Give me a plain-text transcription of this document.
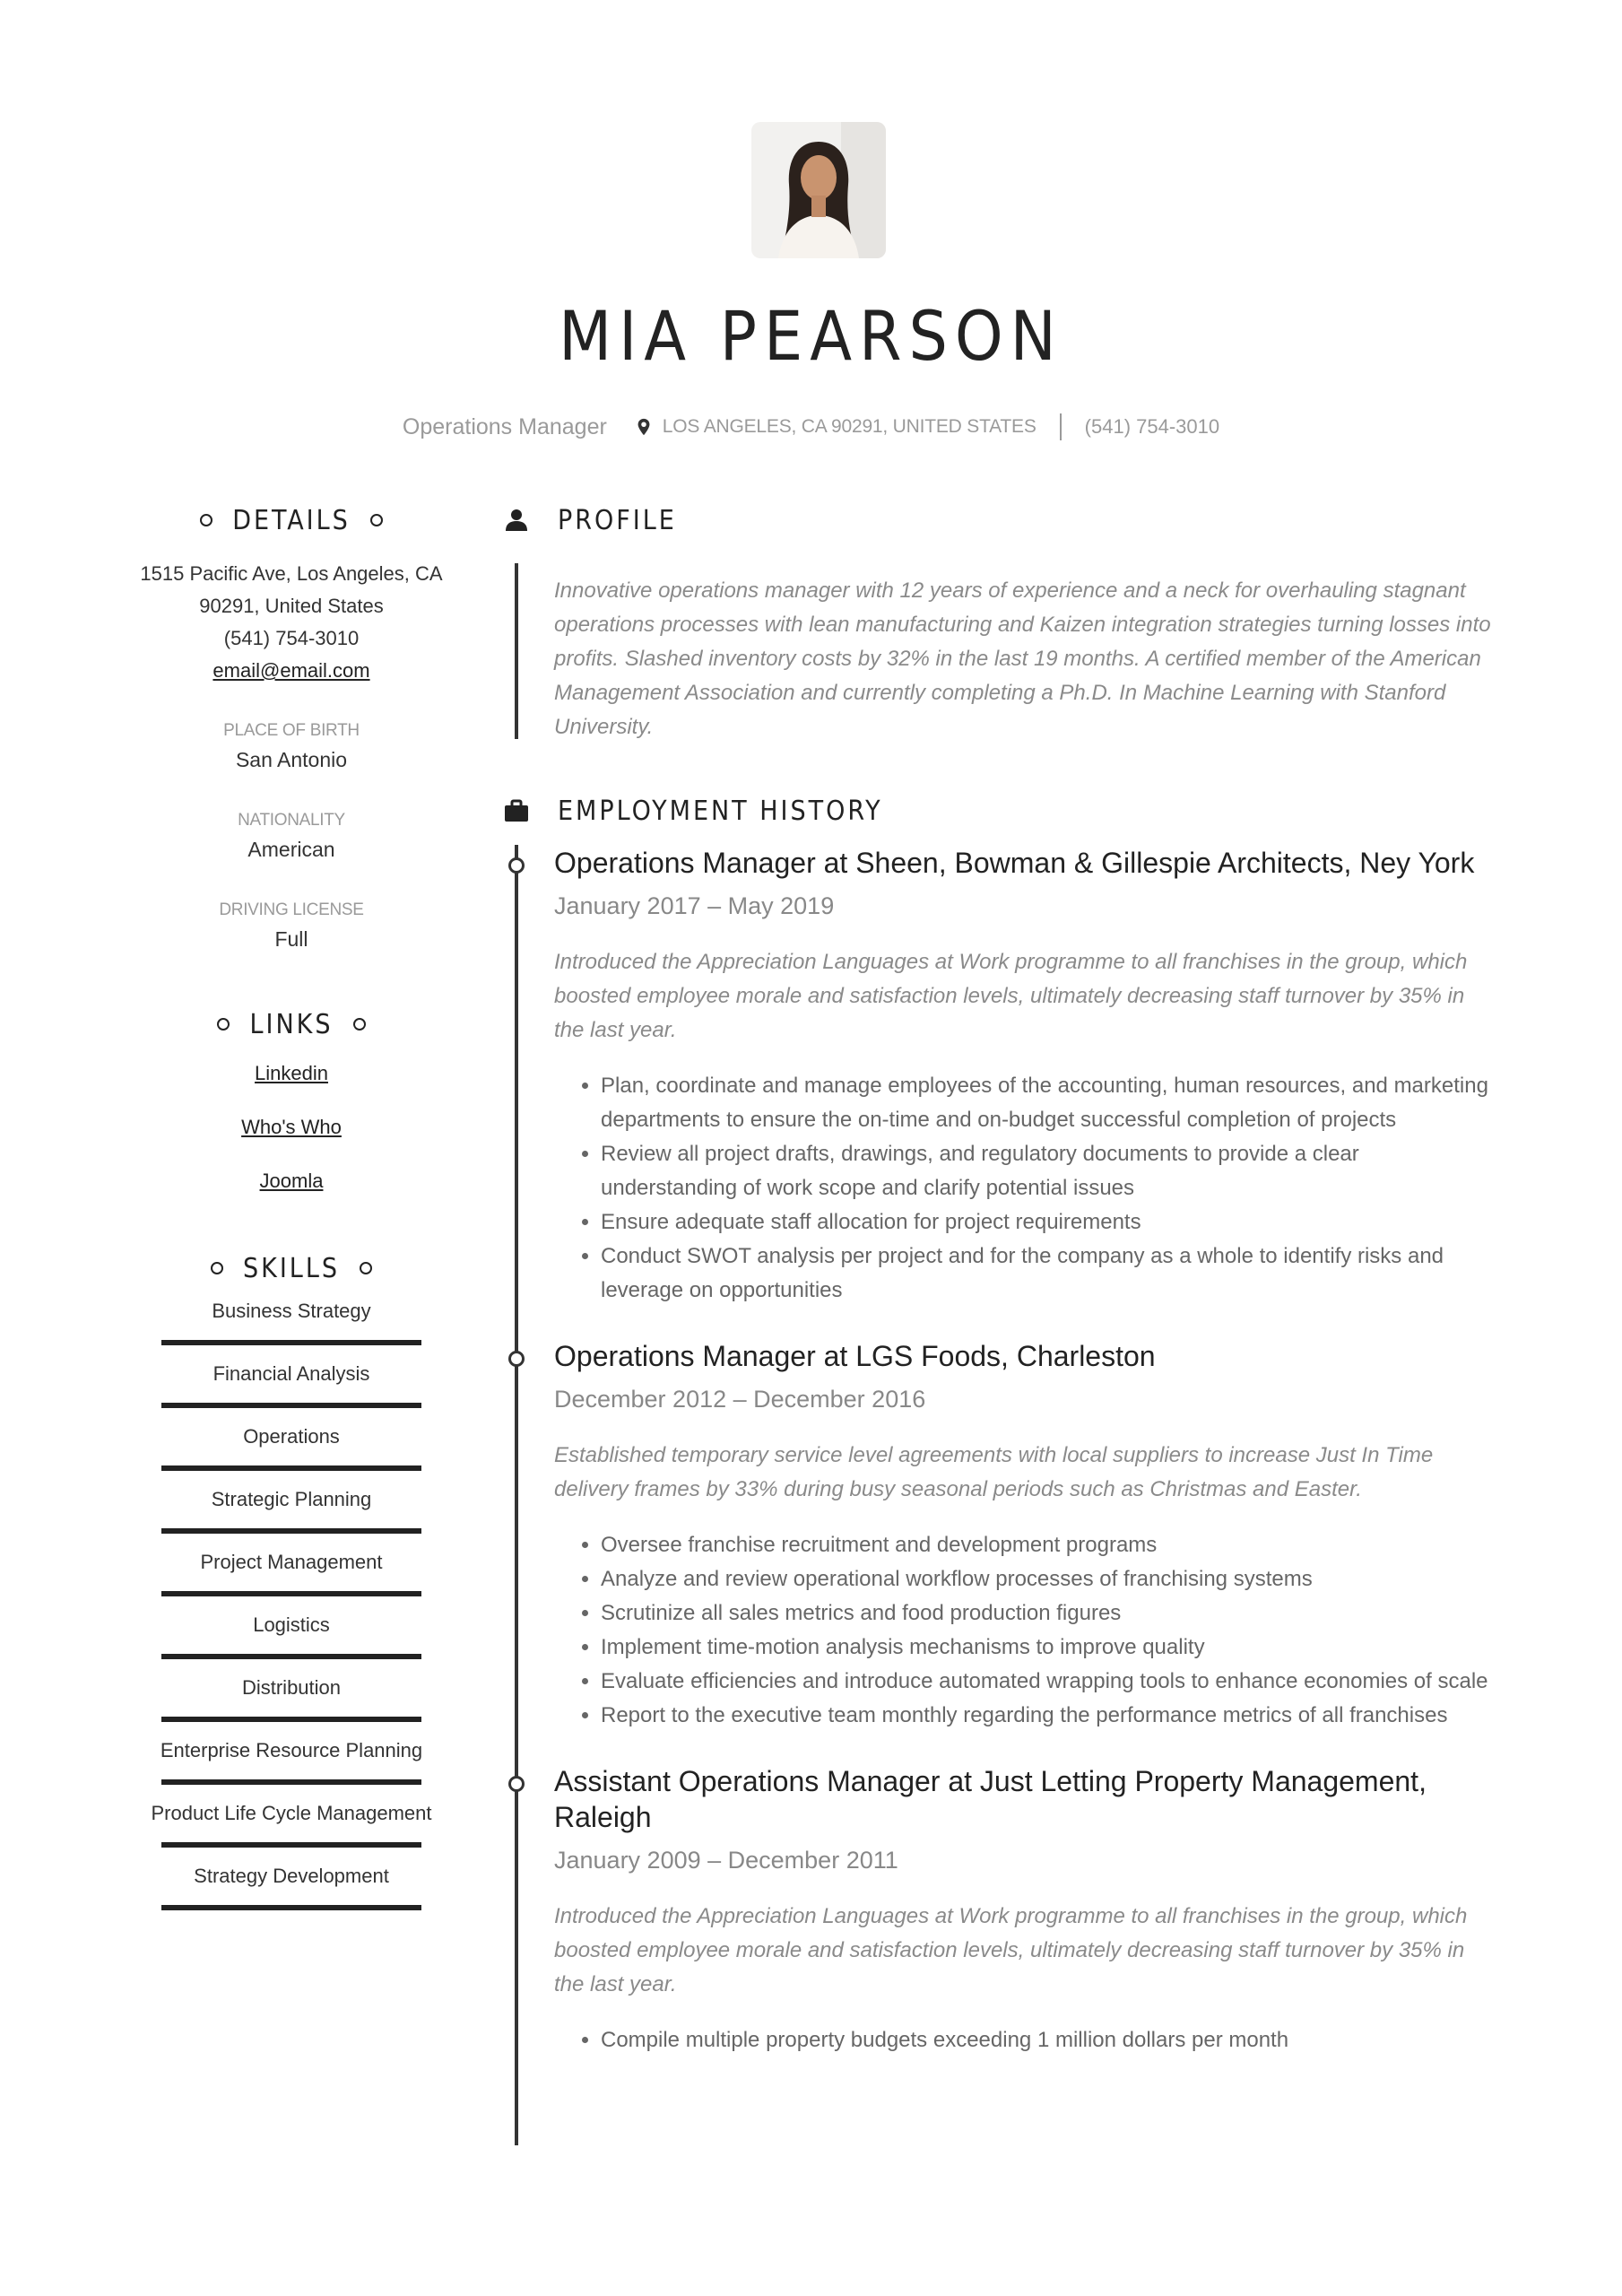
MIA PEARSON
Operations Manager	LOS ANGELES, CA 90291, UNITED STATES (541) 754-3010
DETAILS
1515 Pacific Ave, Los Angeles, CA
90291, United States
(541) 754-3010
email@email.com
PLACE OF BIRTH
San Antonio
NATIONALITY
American
DRIVING LICENSE
Full
LINKS
Linkedin
Who's Who
Joomla
SKILLS
Business Strategy
Financial Analysis
Operations
Strategic Planning
Project Management
Logistics
Distribution
Enterprise Resource Planning
Product Life Cycle Management
Strategy Development
PROFILE
Innovative operations manager with 12 years of experience and a neck for overhauling stagnant operations processes with lean manufacturing and Kaizen integration strategies turning losses into profits. Slashed inventory costs by 32% in the last 19 months. A certified member of the American Management Association and currently completing a Ph.D. In Machine Learning with Stanford University.
EMPLOYMENT HISTORY
Operations Manager at Sheen, Bowman & Gillespie Architects, Ney York
January 2017 – May 2019
Introduced the Appreciation Languages at Work programme to all franchises in the group, which boosted employee morale and satisfaction levels, ultimately decreasing staff turnover by 35% in the last year.
• Plan, coordinate and manage employees of the accounting, human resources, and marketing departments to ensure the on-time and on-budget successful completion of projects
• Review all project drafts, drawings, and regulatory documents to provide a clear understanding of work scope and clarify potential issues
• Ensure adequate staff allocation for project requirements
• Conduct SWOT analysis per project and for the company as a whole to identify risks and leverage on opportunities
Operations Manager at LGS Foods, Charleston
December 2012 – December 2016
Established temporary service level agreements with local suppliers to increase Just In Time delivery frames by 33% during busy seasonal periods such as Christmas and Easter.
• Oversee franchise recruitment and development programs
• Analyze and review operational workflow processes of franchising systems
• Scrutinize all sales metrics and food production figures
• Implement time-motion analysis mechanisms to improve quality
• Evaluate efficiencies and introduce automated wrapping tools to enhance economies of scale
• Report to the executive team monthly regarding the performance metrics of all franchises
Assistant Operations Manager at Just Letting Property Management, Raleigh
January 2009 – December 2011
Introduced the Appreciation Languages at Work programme to all franchises in the group, which boosted employee morale and satisfaction levels, ultimately decreasing staff turnover by 35% in the last year.
• Compile multiple property budgets exceeding 1 million dollars per month
